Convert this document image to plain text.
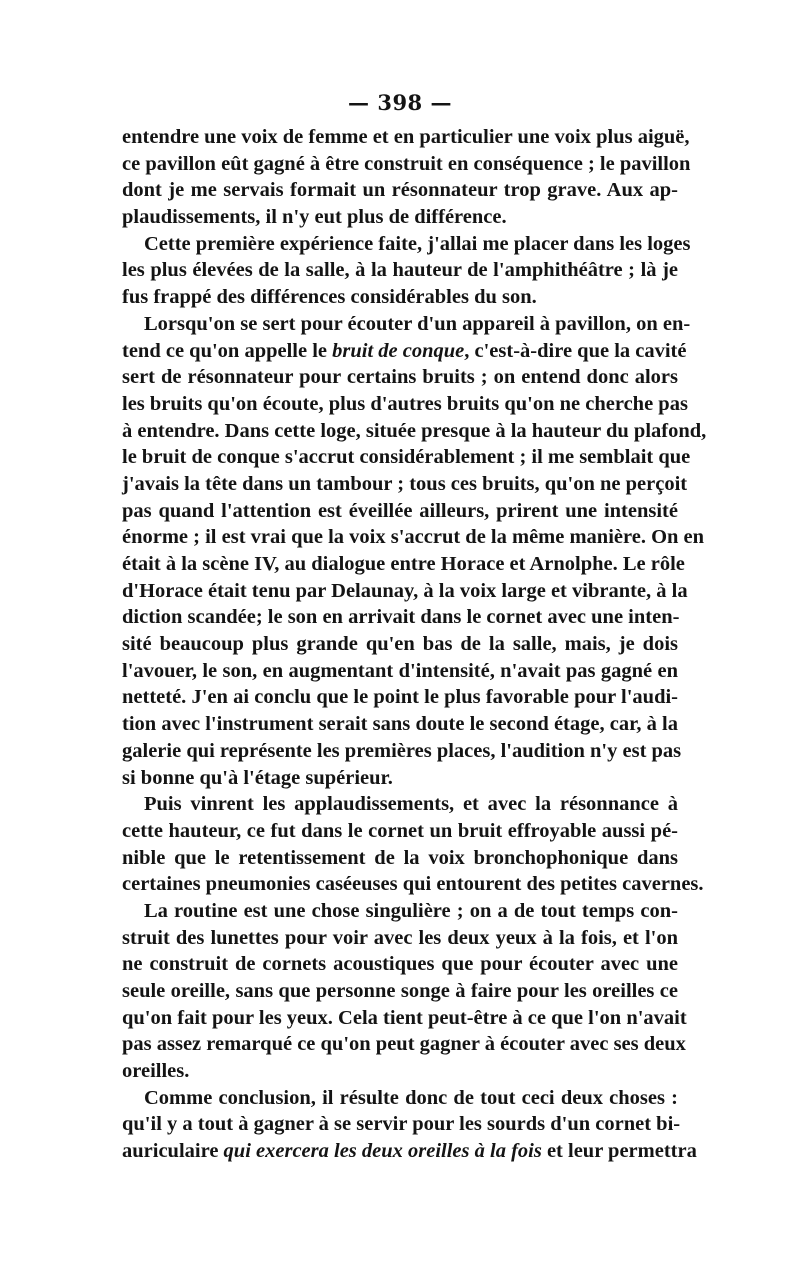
— 398 —
entendre une voix de femme et en particulier une voix plus aiguë,
ce pavillon eût gagné à être construit en conséquence ; le pavillon
dont je me servais formait un résonnateur trop grave. Aux ap-
plaudissements, il n'y eut plus de différence.
Cette première expérience faite, j'allai me placer dans les loges
les plus élevées de la salle, à la hauteur de l'amphithéâtre ; là je
fus frappé des différences considérables du son.
Lorsqu'on se sert pour écouter d'un appareil à pavillon, on en-
tend ce qu'on appelle le bruit de conque, c'est-à-dire que la cavité
sert de résonnateur pour certains bruits ; on entend donc alors
les bruits qu'on écoute, plus d'autres bruits qu'on ne cherche pas
à entendre. Dans cette loge, située presque à la hauteur du plafond,
le bruit de conque s'accrut considérablement ; il me semblait que
j'avais la tête dans un tambour ; tous ces bruits, qu'on ne perçoit
pas quand l'attention est éveillée ailleurs, prirent une intensité
énorme ; il est vrai que la voix s'accrut de la même manière. On en
était à la scène IV, au dialogue entre Horace et Arnolphe. Le rôle
d'Horace était tenu par Delaunay, à la voix large et vibrante, à la
diction scandée; le son en arrivait dans le cornet avec une inten-
sité beaucoup plus grande qu'en bas de la salle, mais, je dois
l'avouer, le son, en augmentant d'intensité, n'avait pas gagné en
netteté. J'en ai conclu que le point le plus favorable pour l'audi-
tion avec l'instrument serait sans doute le second étage, car, à la
galerie qui représente les premières places, l'audition n'y est pas
si bonne qu'à l'étage supérieur.
Puis vinrent les applaudissements, et avec la résonnance à
cette hauteur, ce fut dans le cornet un bruit effroyable aussi pé-
nible que le retentissement de la voix bronchophonique dans
certaines pneumonies caséeuses qui entourent des petites cavernes.
La routine est une chose singulière ; on a de tout temps con-
struit des lunettes pour voir avec les deux yeux à la fois, et l'on
ne construit de cornets acoustiques que pour écouter avec une
seule oreille, sans que personne songe à faire pour les oreilles ce
qu'on fait pour les yeux. Cela tient peut-être à ce que l'on n'avait
pas assez remarqué ce qu'on peut gagner à écouter avec ses deux
oreilles.
Comme conclusion, il résulte donc de tout ceci deux choses :
qu'il y a tout à gagner à se servir pour les sourds d'un cornet bi-
auriculaire qui exercera les deux oreilles à la fois et leur permettra
